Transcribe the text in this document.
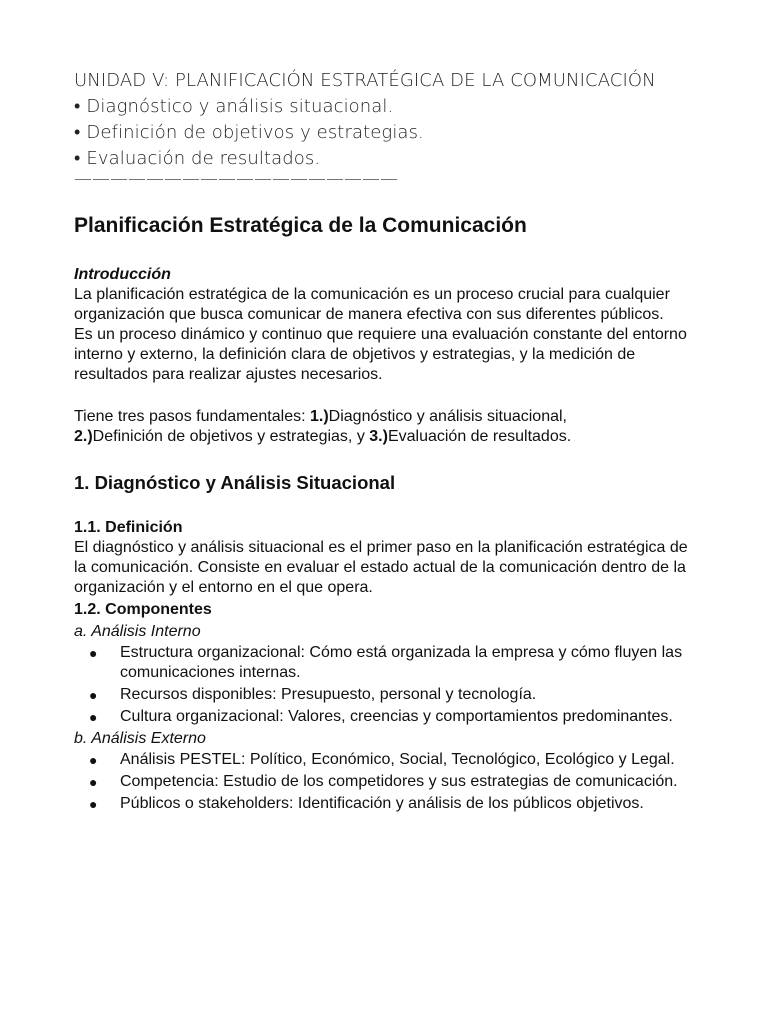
UNIDAD V: PLANIFICACIÓN ESTRATÉGICA DE LA COMUNICACIÓN

• Diagnóstico y análisis situacional.
• Definición de objetivos y estrategias.
• Evaluación de resultados.
——————————————————
Planificación Estratégica de la Comunicación
Introducción

La planificación estratégica de la comunicación es un proceso crucial para cualquier organización que busca comunicar de manera efectiva con sus diferentes públicos.

Es un proceso dinámico y continuo que requiere una evaluación constante del entorno interno y externo, la definición clara de objetivos y estrategias, y la medición de resultados para realizar ajustes necesarios.

Tiene tres pasos fundamentales: 1.)Diagnóstico y análisis situacional,
2.)Definición de objetivos y estrategias, y 3.)Evaluación de resultados.

1. Diagnóstico y Análisis Situacional
1.1. Definición

El diagnóstico y análisis situacional es el primer paso en la planificación estratégica de la comunicación. Consiste en evaluar el estado actual de la comunicación dentro de la organización y el entorno en el que opera.

1.2. Componentes

a. Análisis Interno

● Estructura organizacional: Cómo está organizada la empresa y cómo fluyen las comunicaciones internas.
● Recursos disponibles: Presupuesto, personal y tecnología.
● Cultura organizacional: Valores, creencias y comportamientos predominantes.

b. Análisis Externo

● Análisis PESTEL: Político, Económico, Social, Tecnológico, Ecológico y Legal.
● Competencia: Estudio de los competidores y sus estrategias de comunicación.
● Públicos o stakeholders: Identificación y análisis de los públicos objetivos.
